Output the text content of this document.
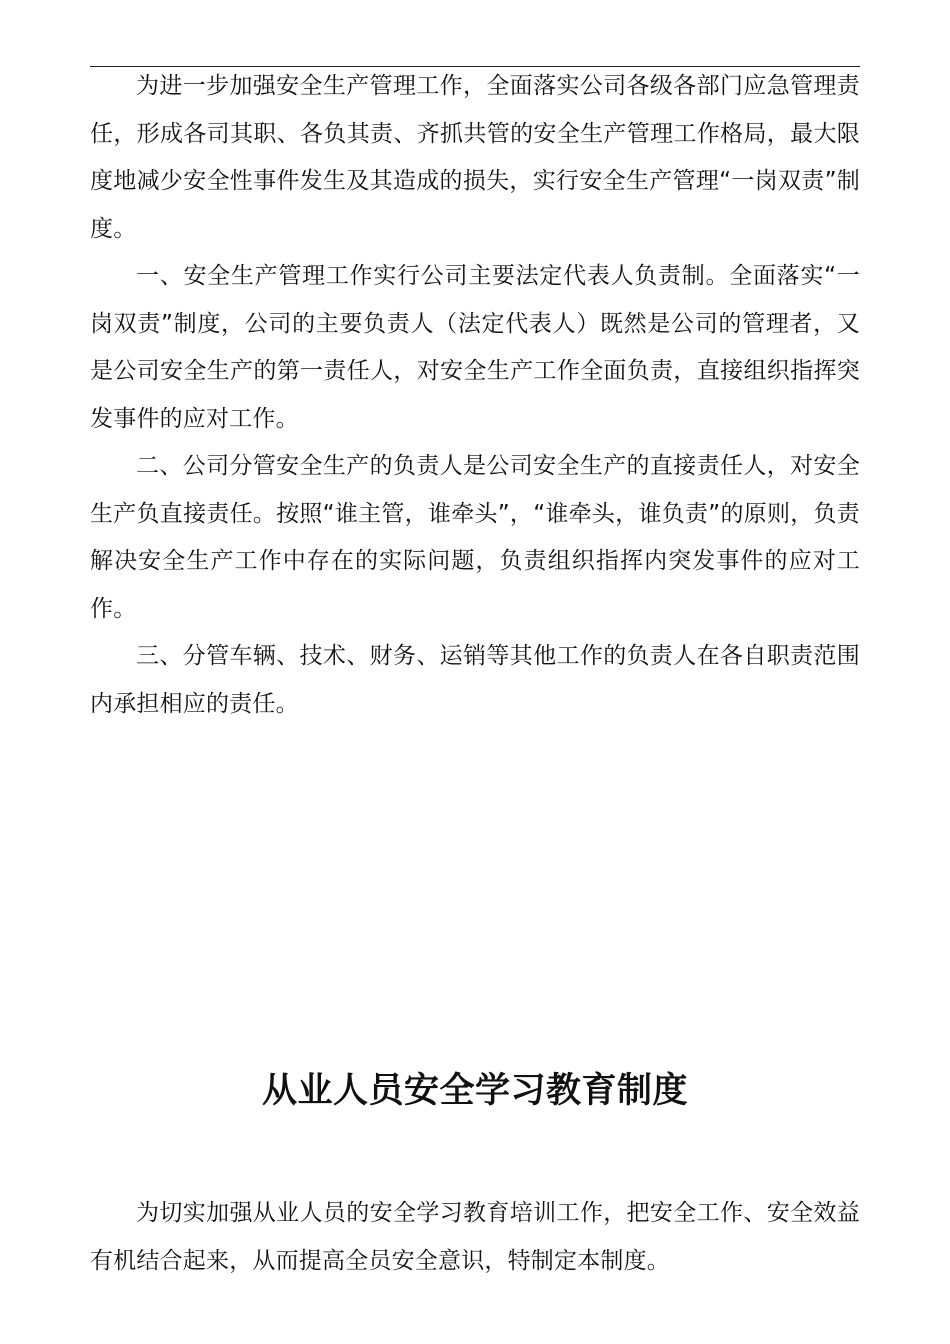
为进一步加强安全生产管理工作，全面落实公司各级各部门应急管理责任，形成各司其职、各负其责、齐抓共管的安全生产管理工作格局，最大限度地减少安全性事件发生及其造成的损失，实行安全生产管理“一岗双责”制度。

一、安全生产管理工作实行公司主要法定代表人负责制。全面落实“一岗双责”制度，公司的主要负责人（法定代表人）既然是公司的管理者，又是公司安全生产的第一责任人，对安全生产工作全面负责，直接组织指挥突发事件的应对工作。

二、公司分管安全生产的负责人是公司安全生产的直接责任人，对安全生产负直接责任。按照“谁主管，谁牵头”，“谁牵头，谁负责”的原则，负责解决安全生产工作中存在的实际问题，负责组织指挥内突发事件的应对工作。

三、分管车辆、技术、财务、运销等其他工作的负责人在各自职责范围内承担相应的责任。

从业人员安全学习教育制度

为切实加强从业人员的安全学习教育培训工作，把安全工作、安全效益有机结合起来，从而提高全员安全意识，特制定本制度。
